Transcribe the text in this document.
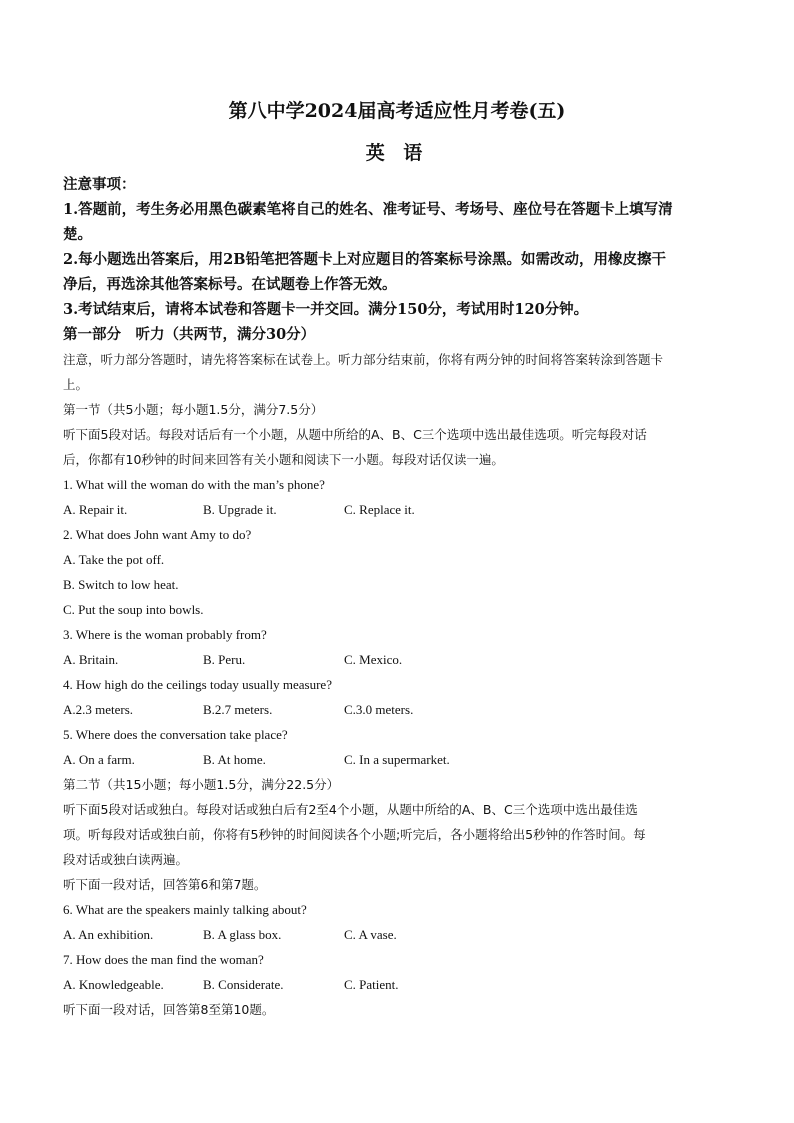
第八中学2024届高考适应性月考卷(五)
英 语
注意事项：
1.答题前，考生务必用黑色碳素笔将自己的姓名、准考证号、考场号、座位号在答题卡上填写清
楚。
2.每小题选出答案后，用2B铅笔把答题卡上对应题目的答案标号涂黑。如需改动，用橡皮擦干
净后，再选涂其他答案标号。在试题卷上作答无效。
3.考试结束后，请将本试卷和答题卡一并交回。满分150分，考试用时120分钟。
第一部分　听力（共两节，满分30分）
注意，听力部分答题时，请先将答案标在试卷上。听力部分结束前，你将有两分钟的时间将答案转涂到答题卡
上。
第一节（共5小题；每小题1.5分，满分7.5分）
听下面5段对话。每段对话后有一个小题，从题中所给的A、B、C三个选项中选出最佳选项。听完每段对话
后，你都有10秒钟的时间来回答有关小题和阅读下一小题。每段对话仅读一遍。
1. What will the woman do with the man’s phone?
A. Repair it.	B. Upgrade it.	C. Replace it.
2. What does John want Amy to do?
A. Take the pot off.
B. Switch to low heat.
C. Put the soup into bowls.
3. Where is the woman probably from?
A. Britain.	B. Peru.	C. Mexico.
4. How high do the ceilings today usually measure?
A.2.3 meters.	B.2.7 meters.	C.3.0 meters.
5. Where does the conversation take place?
A. On a farm.	B. At home.	C. In a supermarket.
第二节（共15小题；每小题1.5分，满分22.5分）
听下面5段对话或独白。每段对话或独白后有2至4个小题，从题中所给的A、B、C三个选项中选出最佳选
项。听每段对话或独白前，你将有5秒钟的时间阅读各个小题;听完后，各小题将给出5秒钟的作答时间。每
段对话或独白读两遍。
听下面一段对话，回答第6和第7题。
6. What are the speakers mainly talking about?
A. An exhibition.	B. A glass box.	C. A vase.
7. How does the man find the woman?
A. Knowledgeable.	B. Considerate.	C. Patient.
听下面一段对话，回答第8至第10题。
